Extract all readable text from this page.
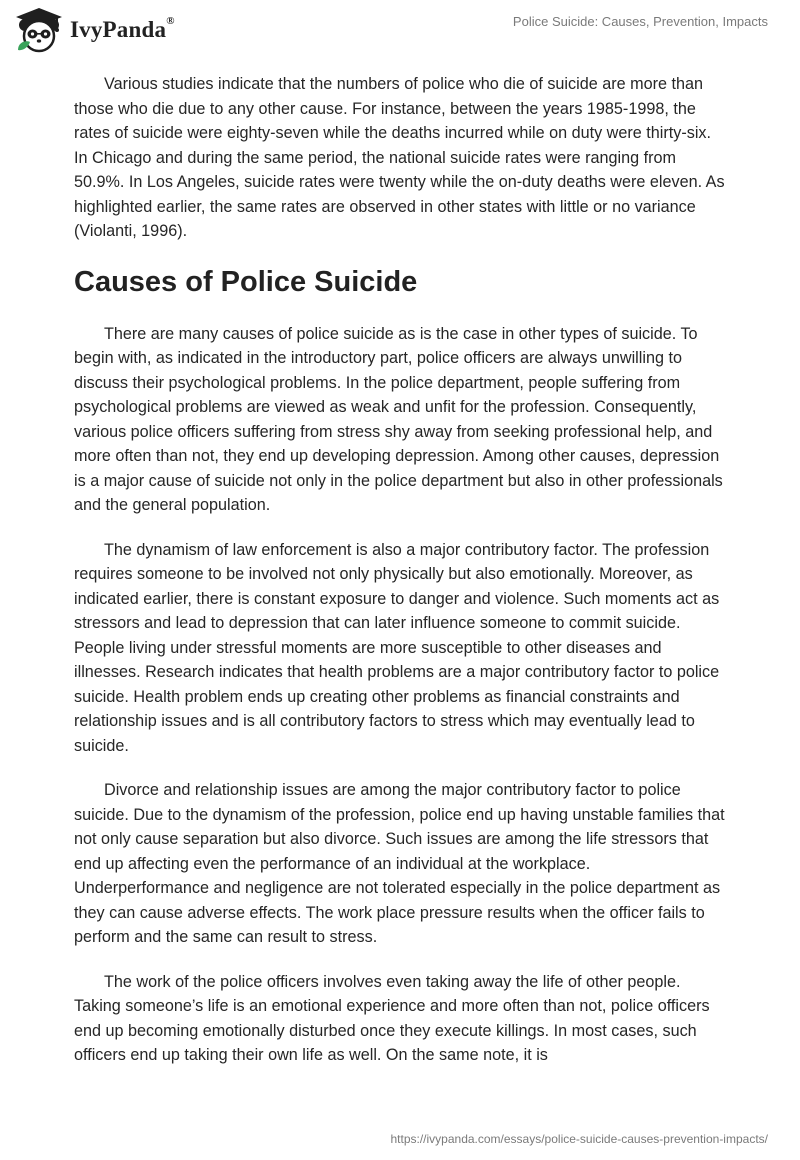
IvyPanda®	Police Suicide: Causes, Prevention, Impacts

Various studies indicate that the numbers of police who die of suicide are more than those who die due to any other cause. For instance, between the years 1985-1998, the rates of suicide were eighty-seven while the deaths incurred while on duty were thirty-six. In Chicago and during the same period, the national suicide rates were ranging from 50.9%. In Los Angeles, suicide rates were twenty while the on-duty deaths were eleven. As highlighted earlier, the same rates are observed in other states with little or no variance (Violanti, 1996).

Causes of Police Suicide

There are many causes of police suicide as is the case in other types of suicide. To begin with, as indicated in the introductory part, police officers are always unwilling to discuss their psychological problems. In the police department, people suffering from psychological problems are viewed as weak and unfit for the profession. Consequently, various police officers suffering from stress shy away from seeking professional help, and more often than not, they end up developing depression. Among other causes, depression is a major cause of suicide not only in the police department but also in other professionals and the general population.

The dynamism of law enforcement is also a major contributory factor. The profession requires someone to be involved not only physically but also emotionally. Moreover, as indicated earlier, there is constant exposure to danger and violence. Such moments act as stressors and lead to depression that can later influence someone to commit suicide. People living under stressful moments are more susceptible to other diseases and illnesses. Research indicates that health problems are a major contributory factor to police suicide. Health problem ends up creating other problems as financial constraints and relationship issues and is all contributory factors to stress which may eventually lead to suicide.

Divorce and relationship issues are among the major contributory factor to police suicide. Due to the dynamism of the profession, police end up having unstable families that not only cause separation but also divorce. Such issues are among the life stressors that end up affecting even the performance of an individual at the workplace. Underperformance and negligence are not tolerated especially in the police department as they can cause adverse effects. The work place pressure results when the officer fails to perform and the same can result to stress.

The work of the police officers involves even taking away the life of other people. Taking someone’s life is an emotional experience and more often than not, police officers end up becoming emotionally disturbed once they execute killings. In most cases, such officers end up taking their own life as well. On the same note, it is

https://ivypanda.com/essays/police-suicide-causes-prevention-impacts/
